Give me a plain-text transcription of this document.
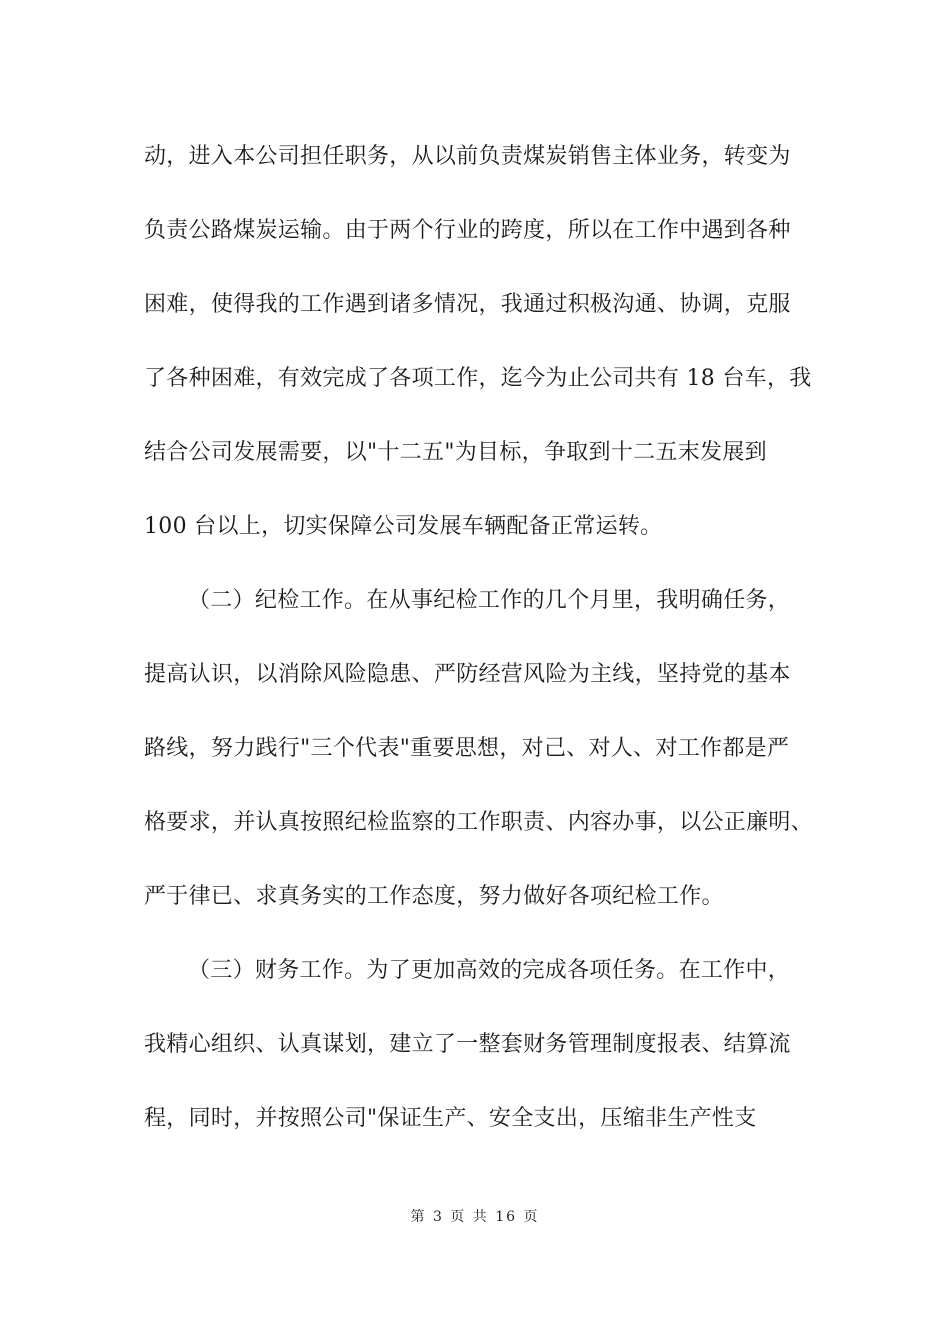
动，进入本公司担任职务，从以前负责煤炭销售主体业务，转变为
负责公路煤炭运输。由于两个行业的跨度，所以在工作中遇到各种
困难，使得我的工作遇到诸多情况，我通过积极沟通、协调，克服
了各种困难，有效完成了各项工作，迄今为止公司共有 18 台车，我
结合公司发展需要，以"十二五"为目标，争取到十二五末发展到
100 台以上，切实保障公司发展车辆配备正常运转。
（二）纪检工作。在从事纪检工作的几个月里，我明确任务，
提高认识，以消除风险隐患、严防经营风险为主线，坚持党的基本
路线，努力践行"三个代表"重要思想，对己、对人、对工作都是严
格要求，并认真按照纪检监察的工作职责、内容办事，以公正廉明、
严于律已、求真务实的工作态度，努力做好各项纪检工作。
（三）财务工作。为了更加高效的完成各项任务。在工作中，
我精心组织、认真谋划，建立了一整套财务管理制度报表、结算流
程，同时，并按照公司"保证生产、安全支出，压缩非生产性支
第 3 页 共 16 页
